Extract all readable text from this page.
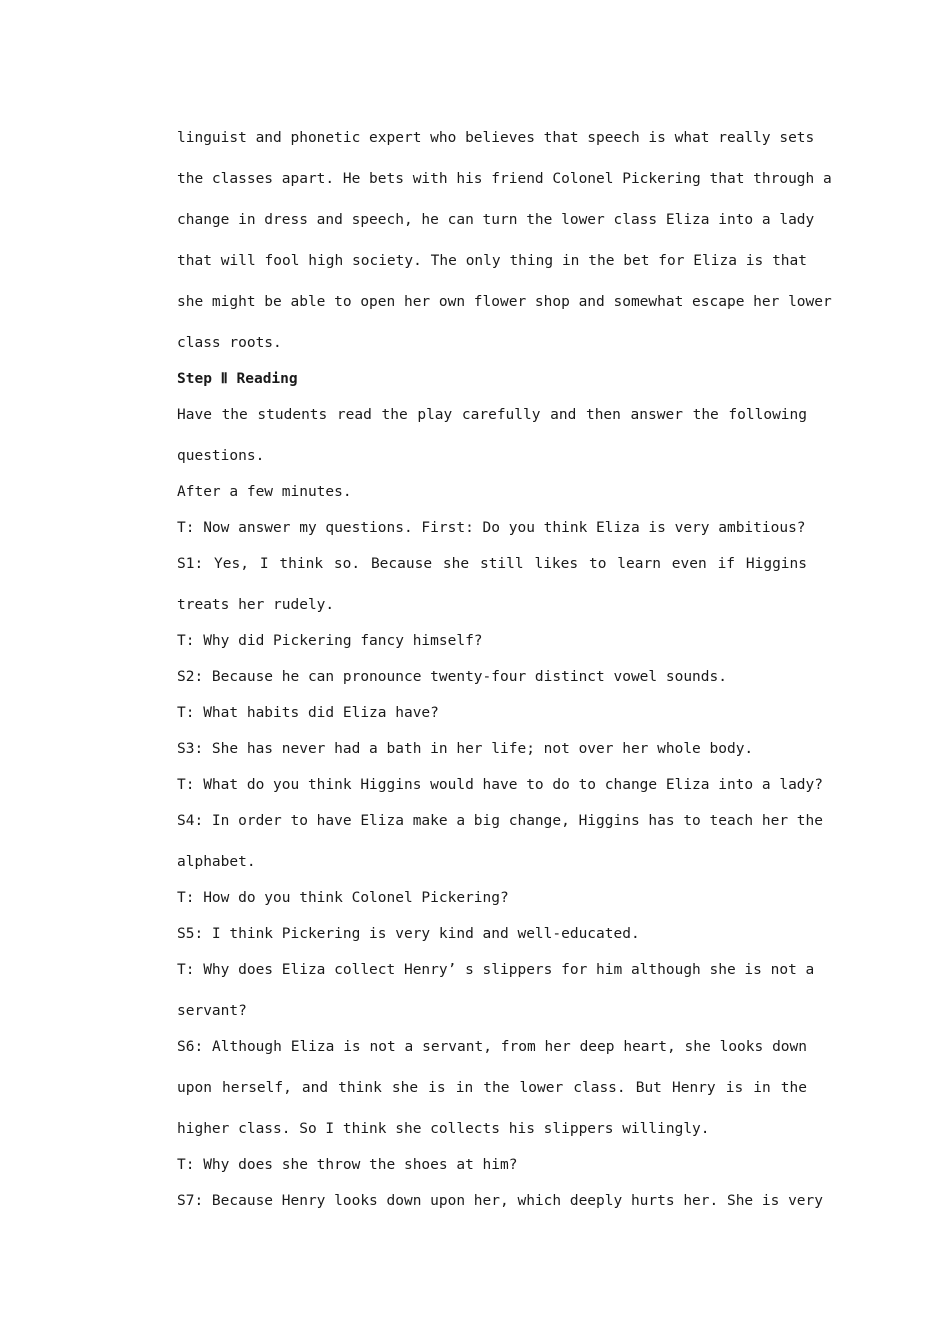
linguist and phonetic expert who believes that speech is what really sets
the classes apart. He bets with his friend Colonel Pickering that through a
change in dress and speech, he can turn the lower class Eliza into a lady
that will fool high society. The only thing in the bet for Eliza is that
she might be able to open her own flower shop and somewhat escape her lower
class roots.
Step Ⅱ Reading
Have the students read the play carefully and then answer the following
questions.
After a few minutes.
T: Now answer my questions. First: Do you think Eliza is very ambitious?
S1: Yes, I think so. Because she still likes to learn even if Higgins
treats her rudely.
T: Why did Pickering fancy himself?
S2: Because he can pronounce twenty-four distinct vowel sounds.
T: What habits did Eliza have?
S3: She has never had a bath in her life; not over her whole body.
T: What do you think Higgins would have to do to change Eliza into a lady?
S4: In order to have Eliza make a big change, Higgins has to teach her the
alphabet.
T: How do you think Colonel Pickering?
S5: I think Pickering is very kind and well-educated.
T: Why does Eliza collect Henry’ s slippers for him although she is not a
servant?
S6: Although Eliza is not a servant, from her deep heart, she looks down
upon herself, and think she is in the lower class. But Henry is in the
higher class. So I think she collects his slippers willingly.
T: Why does she throw the shoes at him?
S7: Because Henry looks down upon her, which deeply hurts her. She is very
